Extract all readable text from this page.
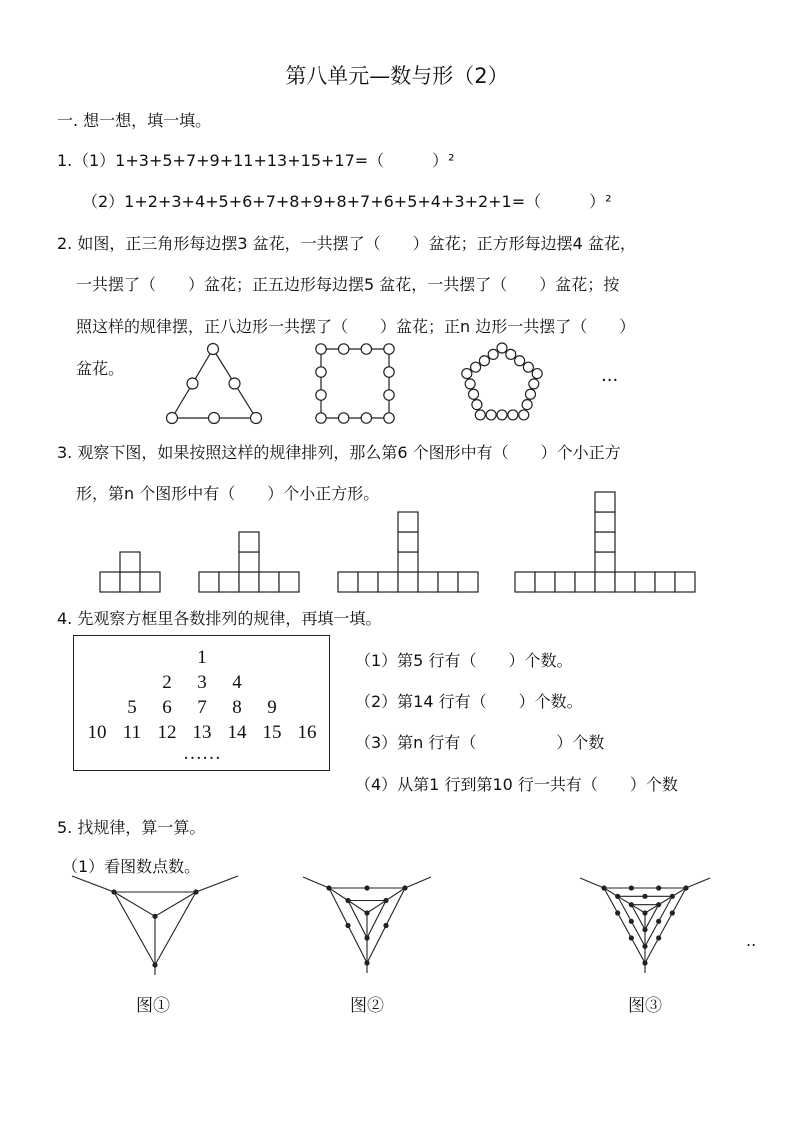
第八单元—数与形（2）
一. 想一想，填一填。
1. （1）1+3+5+7+9+11+13+15+17=（　　　）²
（2）1+2+3+4+5+6+7+8+9+8+7+6+5+4+3+2+1=（　　　）²
2. 如图，正三角形每边摆3 盆花，一共摆了（　　）盆花；正方形每边摆4 盆花，
一共摆了（　　）盆花；正五边形每边摆5 盆花，一共摆了（　　）盆花；按
照这样的规律摆，正八边形一共摆了（　　）盆花；正n 边形一共摆了（　　）
盆花。
···
3. 观察下图，如果按照这样的规律排列，那么第6 个图形中有（　　）个小正方
形，第n 个图形中有（　　）个小正方形。
4. 先观察方框里各数排列的规律，再填一填。
1
2	3	4
5	6	7	8	9
10 11 12 13 14 15 16
……
（1）第5 行有（　　）个数。
（2）第14 行有（　　）个数。
（3）第n 行有（　　　　　）个数
（4）从第1 行到第10 行一共有（　　）个数
5. 找规律，算一算。
（1）看图数点数。
图①	图②	图③
..
